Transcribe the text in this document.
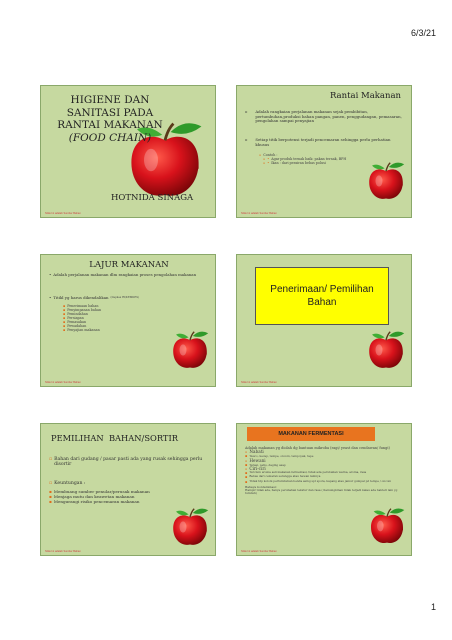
6/3/21
HIGIENE DAN
SANITASI PADA
RANTAI MAKANAN
(FOOD CHAIN)
HOTNIDA SINAGA
Slide Ini adalah Sumber Bahan
Rantai Makanan
o	Adalah rangkaian perjalanan makanan sejak pembibitan, pertumbuhan,produksi bahan pangan, panen, penggudangan, pemasaran, pengolahan sampai penyajian
o	Setiap titik berpotensi terjadi pencemaran sehingga perlu perhatian khusus
▫ Contoh :
▫ • Agar produk ternak baik: pakan ternak, BPH
▫ • Ikan : dari perairan bebas polusi
Slide Ini adalah Sumber Bahan
LAJUR MAKANAN
• Adalah perjalanan makanan dlm rangkaian proses pengolahan makanan
• Titikl yg harus dikendalikan (Depkes RI/KEMKES)
▪ Penerimaan bahan
▪ Penyimpanan bahan
▪ Pemindahan
▪ Persiapan
▪ Pemasakan
▪ Pewadahan
▪ Penyajian makanan
Slide Ini adalah Sumber Bahan
Penerimaan/ Pemilihan Bahan
Slide Ini adalah Sumber Bahan
PEMILIHAN  BAHAN/SORTIR
▫ Bahan dari gudang / pasar pasti ada yang rusak sehingga perlu disortir
▫ Keuntungan :
▪ Membuang sumber penular/perusak makanan
▪ Menjaga mutu dan keawetan makanan
▪ Mengurangi risiko pencemaran makanan
Slide Ini adalah Sumber Bahan
MAKANAN FERMENTASI
Adalah makanan yg diolah dg bantuan mikroba (ragi/ yeast dan cendawan/ fungi)
▫ Nabati
▪ Tauco, kecap, tempe, oncom, tempoyak, tape
▫ Hewani
▪ Terasi, petis, daging asap
▫ Ciri-ciri
▪ Tercium aroma asli makanan fermentasi, tidak ada perubahan warna, aroma, rasa
▪ Bebas dari cemaran serangga atau hewan lainnya
▪ Tidak tdp koloni pertumbuhan benda asing spt spora, kapang atau jamur gumpal pd tempe / oncom
Bahaya kontaminasi:
Hampir tidak ada, hanya perubahan tekstur dan rasa ( Kemungkinan tidak terjadi kalau ada bakteri lain yg tumbuh)
Slide Ini adalah Sumber Bahan
1
